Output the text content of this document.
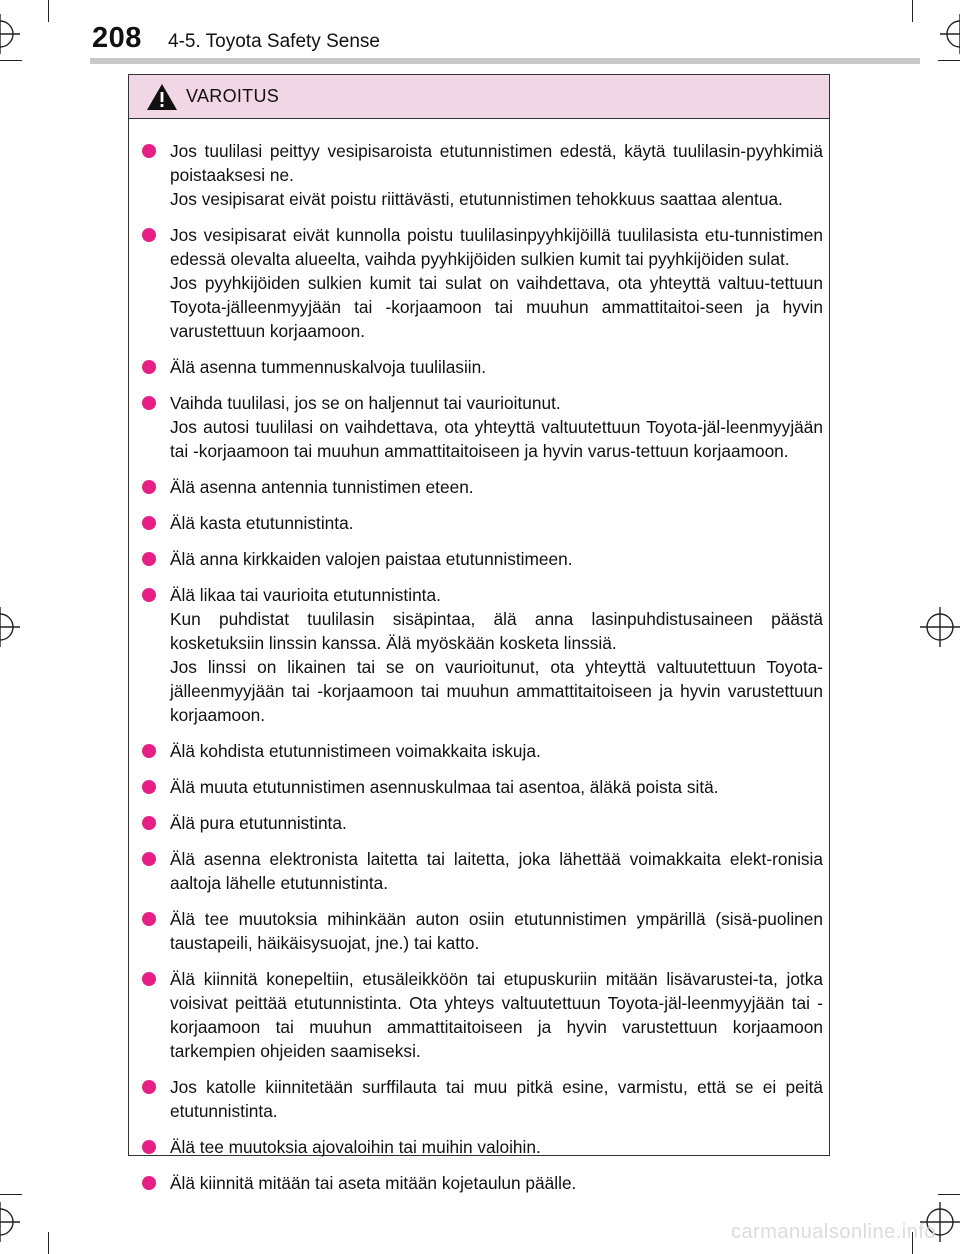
208 4-5. Toyota Safety Sense
VAROITUS
Jos tuulilasi peittyy vesipisaroista etutunnistimen edestä, käytä tuulilasin-pyyhkimiä poistaaksesi ne.
Jos vesipisarat eivät poistu riittävästi, etutunnistimen tehokkuus saattaa alentua.
Jos vesipisarat eivät kunnolla poistu tuulilasinpyyhkijöillä tuulilasista etu-tunnistimen edessä olevalta alueelta, vaihda pyyhkijöiden sulkien kumit tai pyyhkijöiden sulat.
Jos pyyhkijöiden sulkien kumit tai sulat on vaihdettava, ota yhteyttä valtuu-tettuun Toyota-jälleenmyyjään tai -korjaamoon tai muuhun ammattitaitoi-seen ja hyvin varustettuun korjaamoon.
Älä asenna tummennuskalvoja tuulilasiin.
Vaihda tuulilasi, jos se on haljennut tai vaurioitunut.
Jos autosi tuulilasi on vaihdettava, ota yhteyttä valtuutettuun Toyota-jäl-leenmyyjään tai -korjaamoon tai muuhun ammattitaitoiseen ja hyvin varus-tettuun korjaamoon.
Älä asenna antennia tunnistimen eteen.
Älä kasta etutunnistinta.
Älä anna kirkkaiden valojen paistaa etutunnistimeen.
Älä likaa tai vaurioita etutunnistinta.
Kun puhdistat tuulilasin sisäpintaa, älä anna lasinpuhdistusaineen päästä kosketuksiin linssin kanssa. Älä myöskään kosketa linssiä.
Jos linssi on likainen tai se on vaurioitunut, ota yhteyttä valtuutettuun Toyota-jälleenmyyjään tai -korjaamoon tai muuhun ammattitaitoiseen ja hyvin varustettuun korjaamoon.
Älä kohdista etutunnistimeen voimakkaita iskuja.
Älä muuta etutunnistimen asennuskulmaa tai asentoa, äläkä poista sitä.
Älä pura etutunnistinta.
Älä asenna elektronista laitetta tai laitetta, joka lähettää voimakkaita elekt-ronisia aaltoja lähelle etutunnistinta.
Älä tee muutoksia mihinkään auton osiin etutunnistimen ympärillä (sisä-puolinen taustapeili, häikäisysuojat, jne.) tai katto.
Älä kiinnitä konepeltiin, etusäleikköön tai etupuskuriin mitään lisävarustei-ta, jotka voisivat peittää etutunnistinta. Ota yhteys valtuutettuun Toyota-jäl-leenmyyjään tai -korjaamoon tai muuhun ammattitaitoiseen ja hyvin varustettuun korjaamoon tarkempien ohjeiden saamiseksi.
Jos katolle kiinnitetään surffilauta tai muu pitkä esine, varmistu, että se ei peitä etutunnistinta.
Älä tee muutoksia ajovaloihin tai muihin valoihin.
Älä kiinnitä mitään tai aseta mitään kojetaulun päälle.
carmanualsonline.info
